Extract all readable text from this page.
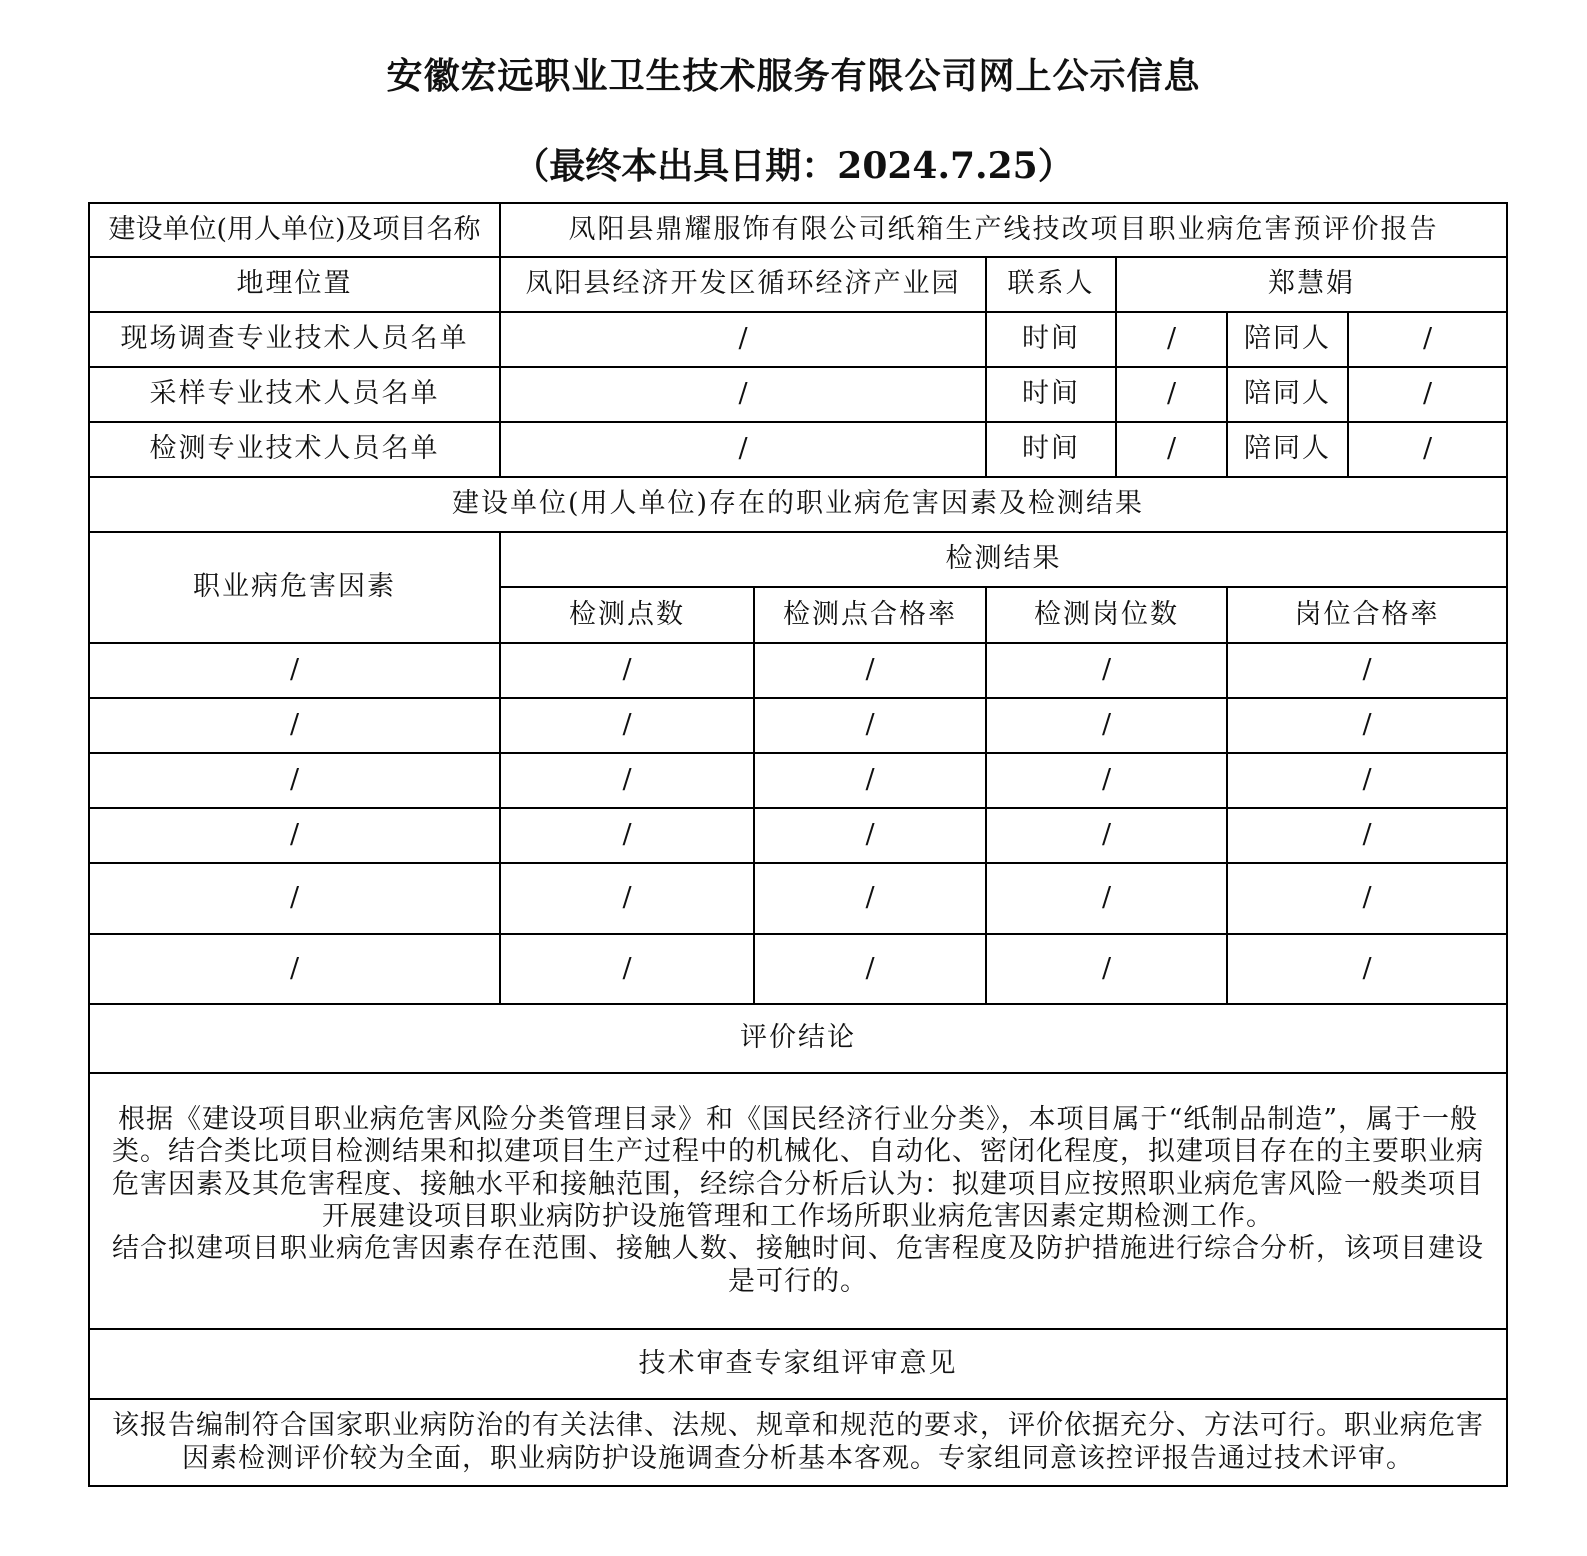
安徽宏远职业卫生技术服务有限公司网上公示信息
（最终本出具日期：2024.7.25）
建设单位(用人单位)及项目名称	凤阳县鼎耀服饰有限公司纸箱生产线技改项目职业病危害预评价报告					
地理位置	凤阳县经济开发区循环经济产业园		联系人	郑慧娟		
现场调查专业技术人员名单	/		时间	/	陪同人	/
采样专业技术人员名单	/		时间	/	陪同人	/
检测专业技术人员名单	/		时间	/	陪同人	/
建设单位(用人单位)存在的职业病危害因素及检测结果						
职业病危害因素	检测结果					
	检测点数	检测点合格率	检测岗位数		岗位合格率	
/	/	/	/		/	
/	/	/	/		/	
/	/	/	/		/	
/	/	/	/		/	
/	/	/	/		/	
/	/	/	/		/	
评价结论						

根据《建设项目职业病危害风险分类管理目录》和《国民经济行业分类》，本项目属于“纸制品制造”，属于一般类。结合类比项目检测结果和拟建项目生产过程中的机械化、自动化、密闭化程度，拟建项目存在的主要职业病危害因素及其危害程度、接触水平和接触范围，经综合分析后认为：拟建项目应按照职业病危害风险一般类项目开展建设项目职业病防护设施管理和工作场所职业病危害因素定期检测工作。
结合拟建项目职业病危害因素存在范围、接触人数、接触时间、危害程度及防护措施进行综合分析，该项目建设是可行的。						

技术审查专家组评审意见						
该报告编制符合国家职业病防治的有关法律、法规、规章和规范的要求，评价依据充分、方法可行。职业病危害因素检测评价较为全面，职业病防护设施调查分析基本客观。专家组同意该控评报告通过技术评审。						
